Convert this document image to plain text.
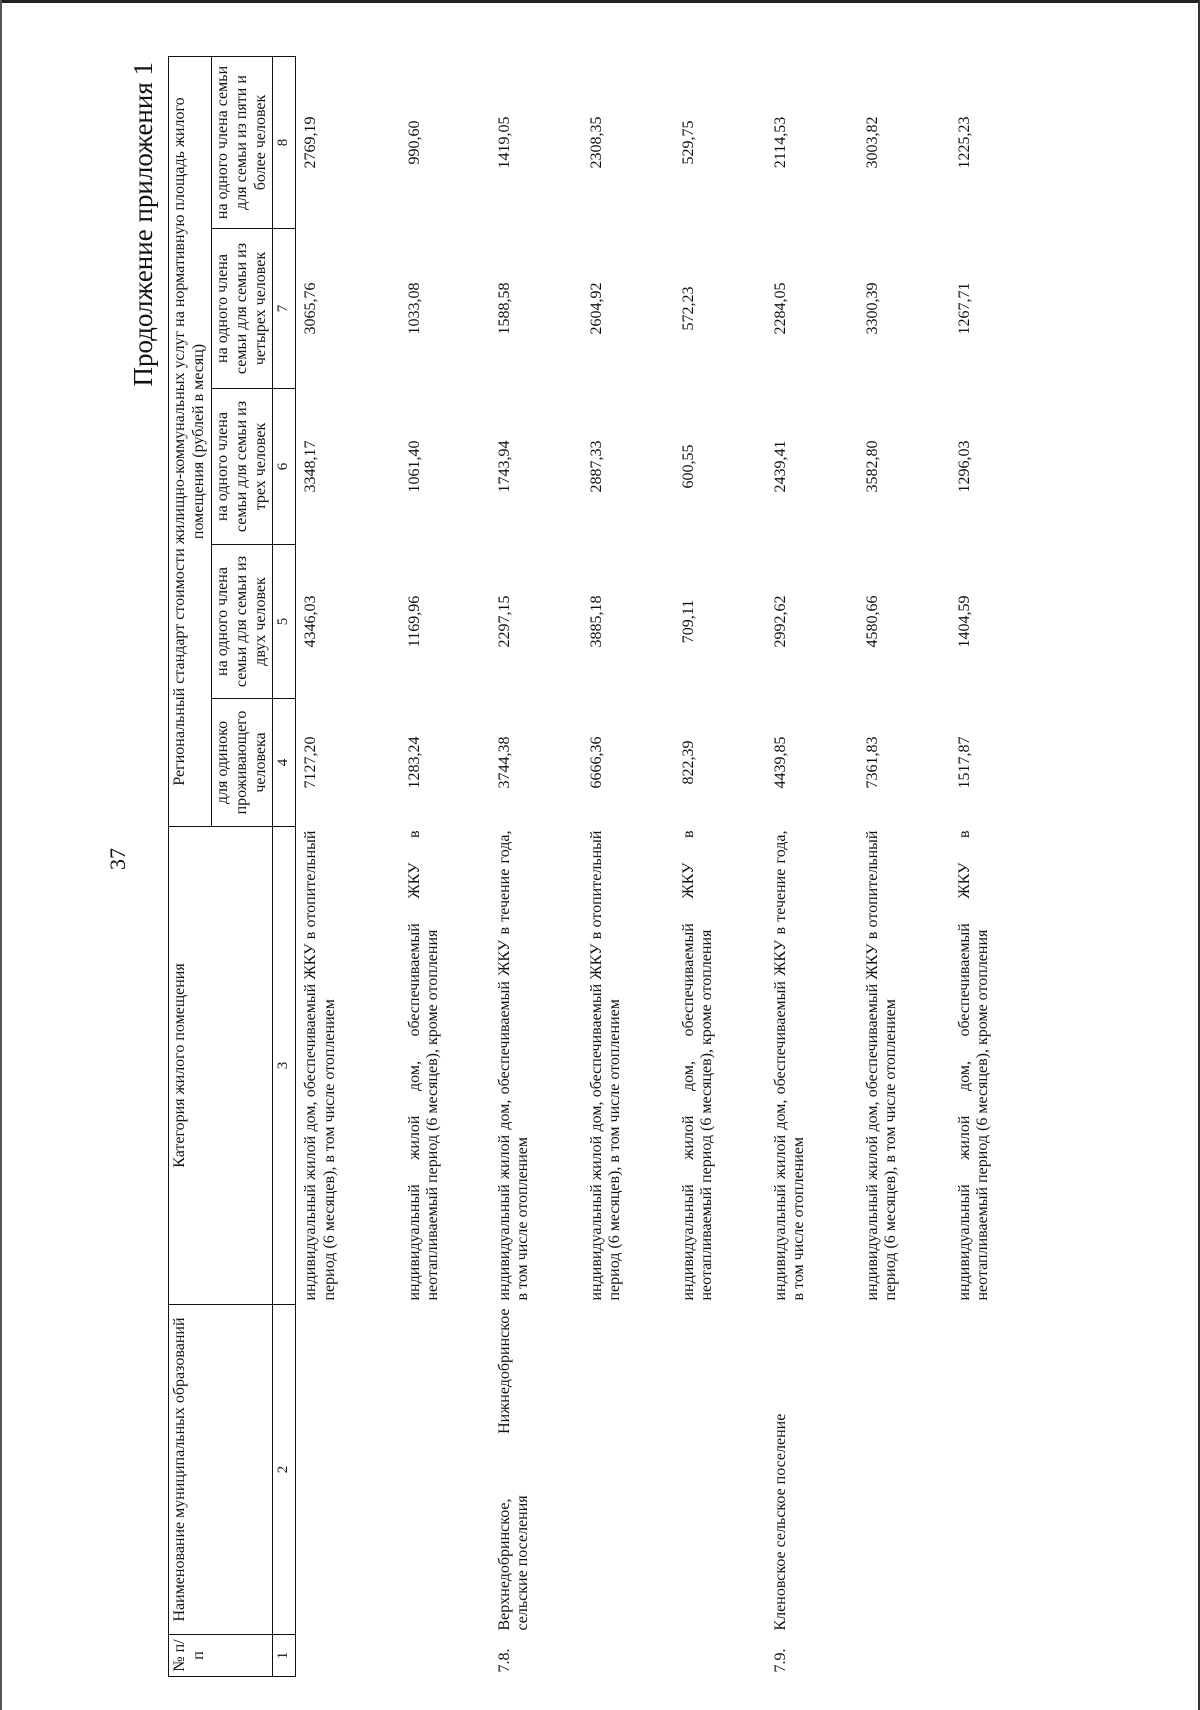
37
Продолжение приложения 1
№ п/п	Наименование муниципальных образований	Категория жилого помещения	Региональный стандарт стоимости жилищно-коммунальных услуг на нормативную площадь жилого помещения (рублей в месяц)				
			для одиноко проживающего человека	на одного члена семьи для семьи из двух человек	на одного члена семьи для семьи из трех человек	на одного члена семьи для семьи из четырех человек	на одного члена семьи для семьи из пяти и более человек
1	2	3	4	5	6	7	8
		индивидуальный жилой дом, обеспечиваемый ЖКУ в отопительный период (6 месяцев), в том числе отоплением	7127,20	4346,03	3348,17	3065,76	2769,19
		индивидуальный жилой дом, обеспечиваемый ЖКУ в неотапливаемый период (6 месяцев), кроме отопления	1283,24	1169,96	1061,40	1033,08	990,60
7.8.	Верхнедобринское, Нижнедобринское сельские поселения	индивидуальный жилой дом, обеспечиваемый ЖКУ в течение года, в том числе отоплением	3744,38	2297,15	1743,94	1588,58	1419,05
		индивидуальный жилой дом, обеспечиваемый ЖКУ в отопительный период (6 месяцев), в том числе отоплением	6666,36	3885,18	2887,33	2604,92	2308,35
		индивидуальный жилой дом, обеспечиваемый ЖКУ в неотапливаемый период (6 месяцев), кроме отопления	822,39	709,11	600,55	572,23	529,75
7.9.	Кленовское сельское поселение	индивидуальный жилой дом, обеспечиваемый ЖКУ в течение года, в том числе отоплением	4439,85	2992,62	2439,41	2284,05	2114,53
		индивидуальный жилой дом, обеспечиваемый ЖКУ в отопительный период (6 месяцев), в том числе отоплением	7361,83	4580,66	3582,80	3300,39	3003,82
		индивидуальный жилой дом, обеспечиваемый ЖКУ в неотапливаемый период (6 месяцев), кроме отопления	1517,87	1404,59	1296,03	1267,71	1225,23
